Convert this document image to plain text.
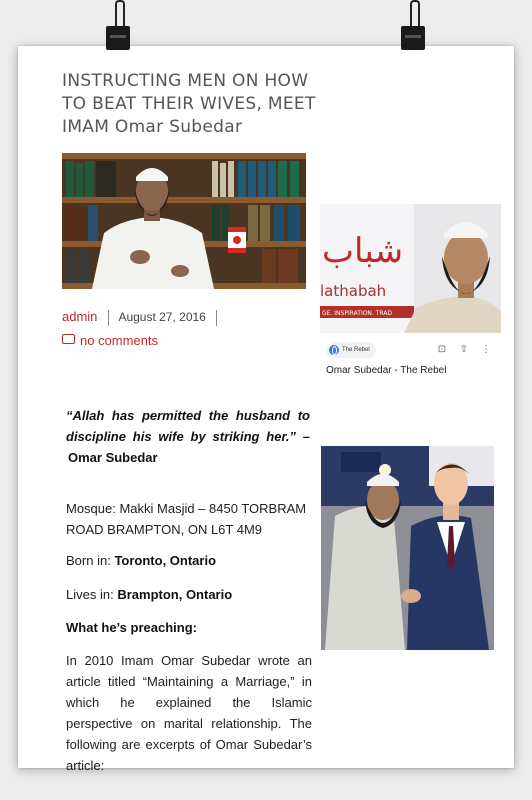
INSTRUCTING MEN ON HOW TO BEAT THEIR WIVES, MEET IMAM Omar Subedar
admin August 27, 2016
no comments
شباب
lathabah
GE. INSPIRATION. TRAD
The Rebel	⊡ ⇧ ⋮
Omar Subedar - The Rebel

“Allah has permitted the husband to discipline his wife by striking her.” – Omar Subedar

Mosque: Makki Masjid – 8450 TORBRAM ROAD BRAMPTON, ON L6T 4M9

Born in: Toronto, Ontario

Lives in: Brampton, Ontario

What he’s preaching:

In 2010 Imam Omar Subedar wrote an article titled “Maintaining a Marriage,” in which he explained the Islamic perspective on marital relationship. The following are excerpts of Omar Subedar’s article:
